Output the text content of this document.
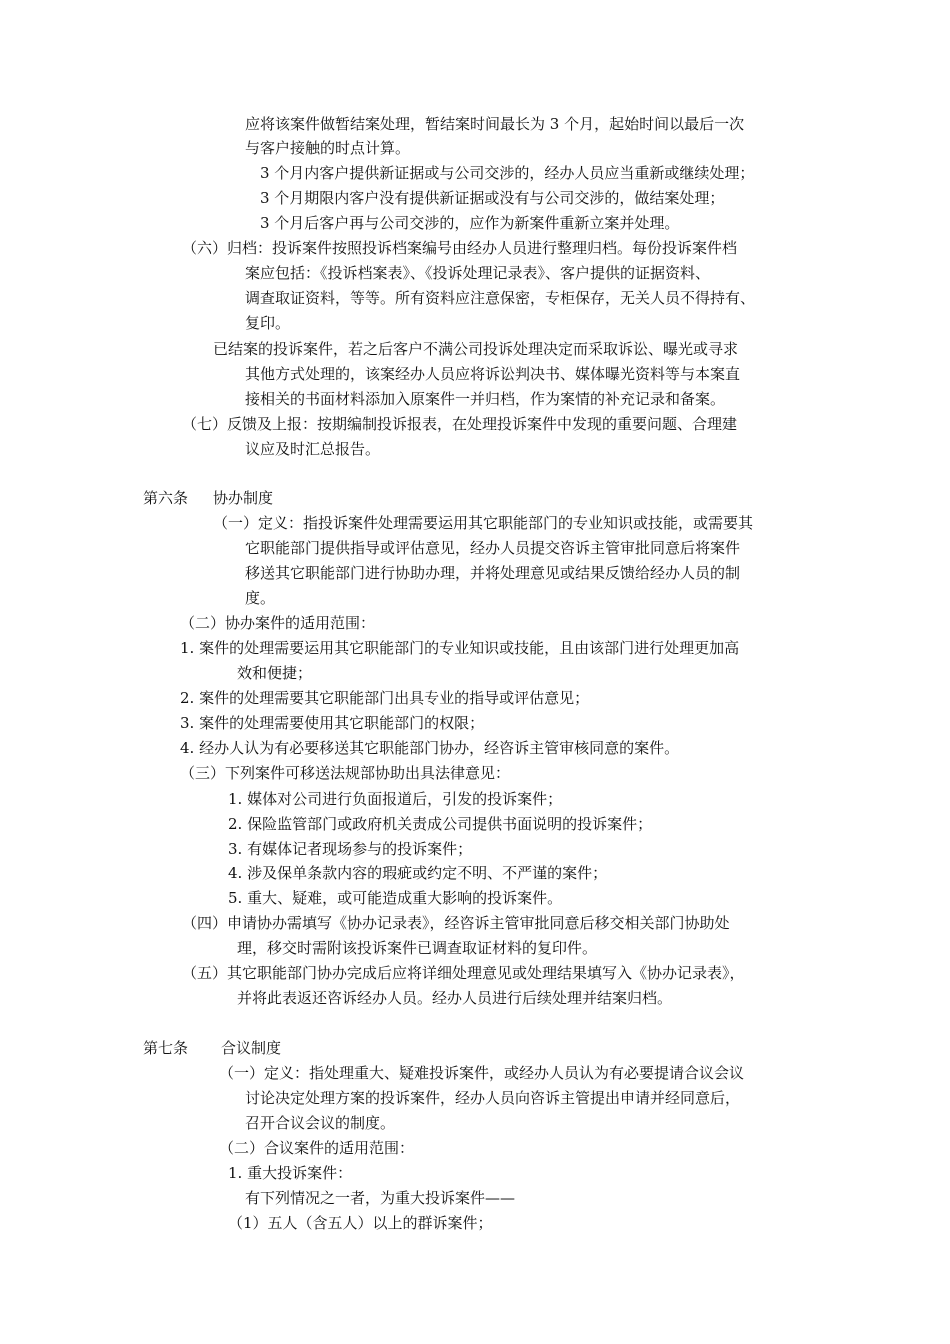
应将该案件做暂结案处理，暂结案时间最长为 3 个月，起始时间以最后一次
与客户接触的时点计算。
3 个月内客户提供新证据或与公司交涉的，经办人员应当重新或继续处理；
3 个月期限内客户没有提供新证据或没有与公司交涉的，做结案处理；
3 个月后客户再与公司交涉的，应作为新案件重新立案并处理。
（六）归档：投诉案件按照投诉档案编号由经办人员进行整理归档。每份投诉案件档
案应包括：《投诉档案表》、《投诉处理记录表》、客户提供的证据资料、
调查取证资料，等等。所有资料应注意保密，专柜保存，无关人员不得持有、
复印。
已结案的投诉案件，若之后客户不满公司投诉处理决定而采取诉讼、曝光或寻求
其他方式处理的，该案经办人员应将诉讼判决书、媒体曝光资料等与本案直
接相关的书面材料添加入原案件一并归档，作为案情的补充记录和备案。
（七）反馈及上报：按期编制投诉报表，在处理投诉案件中发现的重要问题、合理建
议应及时汇总报告。
第六条 协办制度
（一）定义：指投诉案件处理需要运用其它职能部门的专业知识或技能，或需要其
它职能部门提供指导或评估意见，经办人员提交咨诉主管审批同意后将案件
移送其它职能部门进行协助办理，并将处理意见或结果反馈给经办人员的制
度。
（二）协办案件的适用范围：
1. 案件的处理需要运用其它职能部门的专业知识或技能，且由该部门进行处理更加高
效和便捷；
2. 案件的处理需要其它职能部门出具专业的指导或评估意见；
3. 案件的处理需要使用其它职能部门的权限；
4. 经办人认为有必要移送其它职能部门协办，经咨诉主管审核同意的案件。
（三）下列案件可移送法规部协助出具法律意见：
1. 媒体对公司进行负面报道后，引发的投诉案件；
2. 保险监管部门或政府机关责成公司提供书面说明的投诉案件；
3. 有媒体记者现场参与的投诉案件；
4. 涉及保单条款内容的瑕疵或约定不明、不严谨的案件；
5. 重大、疑难，或可能造成重大影响的投诉案件。
（四）申请协办需填写《协办记录表》，经咨诉主管审批同意后移交相关部门协助处
理，移交时需附该投诉案件已调查取证材料的复印件。
（五）其它职能部门协办完成后应将详细处理意见或处理结果填写入《协办记录表》，
并将此表返还咨诉经办人员。经办人员进行后续处理并结案归档。
第七条 合议制度
（一）定义：指处理重大、疑难投诉案件，或经办人员认为有必要提请合议会议
讨论决定处理方案的投诉案件，经办人员向咨诉主管提出申请并经同意后，
召开合议会议的制度。
（二）合议案件的适用范围：
1. 重大投诉案件：
有下列情况之一者，为重大投诉案件——
（1）五人（含五人）以上的群诉案件；
